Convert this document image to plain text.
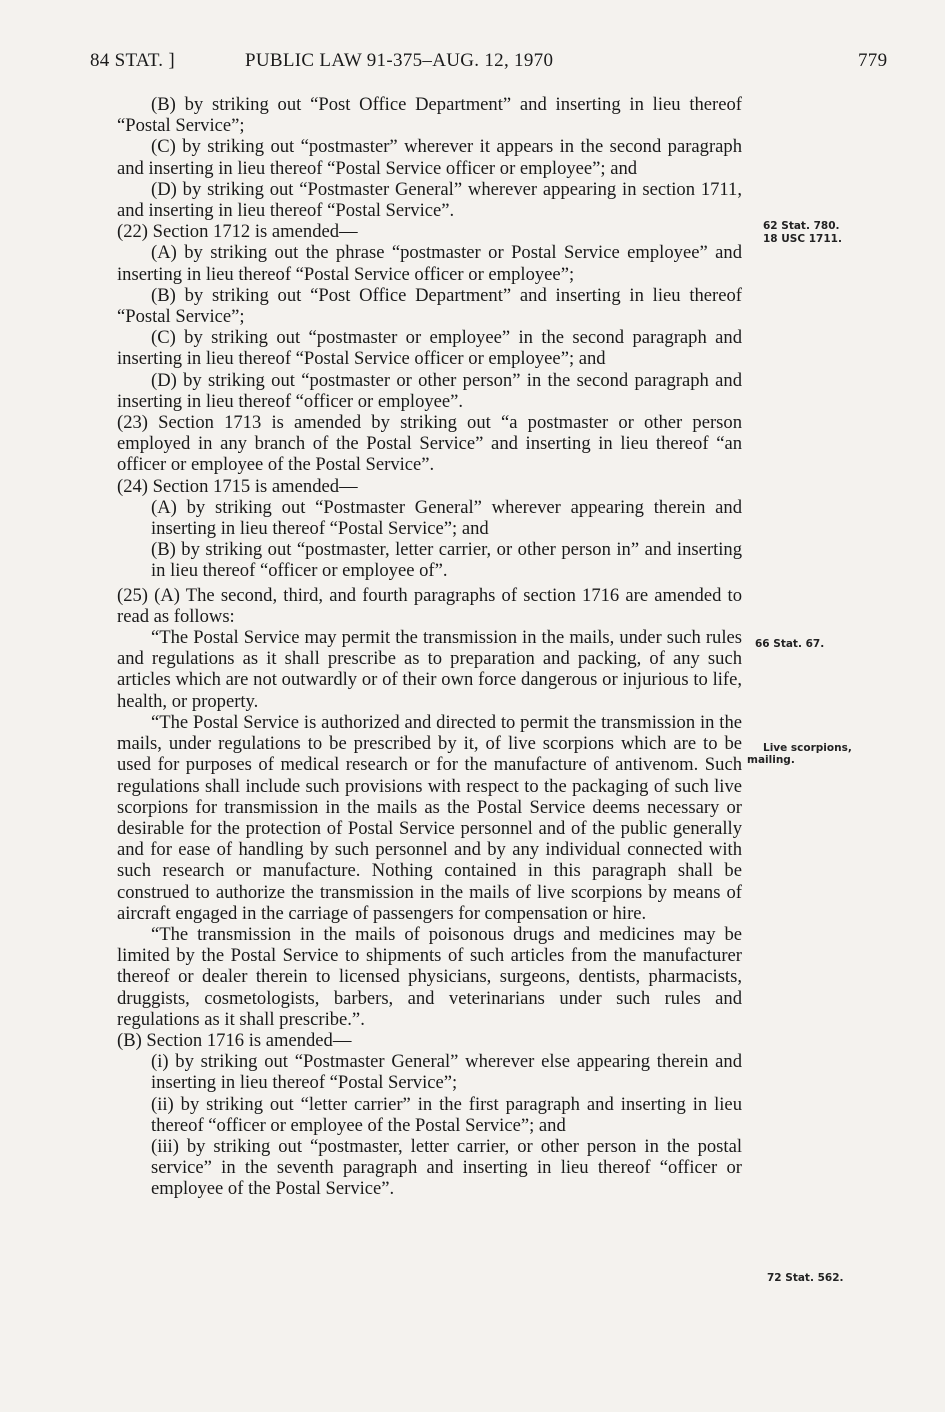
84 STAT. ]	PUBLIC LAW 91-375–AUG. 12, 1970	779

(B) by striking out “Post Office Department” and inserting in lieu thereof “Postal Service”;

(C) by striking out “postmaster” wherever it appears in the second paragraph and inserting in lieu thereof “Postal Service officer or employee”; and

(D) by striking out “Postmaster General” wherever appearing in section 1711, and inserting in lieu thereof “Postal Service”.

(22) Section 1712 is amended—

(A) by striking out the phrase “postmaster or Postal Service employee” and inserting in lieu thereof “Postal Service officer or employee”;

(B) by striking out “Post Office Department” and inserting in lieu thereof “Postal Service”;

(C) by striking out “postmaster or employee” in the second paragraph and inserting in lieu thereof “Postal Service officer or employee”; and

(D) by striking out “postmaster or other person” in the second paragraph and inserting in lieu thereof “officer or employee”.

(23) Section 1713 is amended by striking out “a postmaster or other person employed in any branch of the Postal Service” and inserting in lieu thereof “an officer or employee of the Postal Service”.

(24) Section 1715 is amended—

(A) by striking out “Postmaster General” wherever appearing therein and inserting in lieu thereof “Postal Service”; and

(B) by striking out “postmaster, letter carrier, or other person in” and inserting in lieu thereof “officer or employee of”.

(25) (A) The second, third, and fourth paragraphs of section 1716 are amended to read as follows:

“The Postal Service may permit the transmission in the mails, under such rules and regulations as it shall prescribe as to preparation and packing, of any such articles which are not outwardly or of their own force dangerous or injurious to life, health, or property.

“The Postal Service is authorized and directed to permit the transmission in the mails, under regulations to be prescribed by it, of live scorpions which are to be used for purposes of medical research or for the manufacture of antivenom. Such regulations shall include such provisions with respect to the packaging of such live scorpions for transmission in the mails as the Postal Service deems necessary or desirable for the protection of Postal Service personnel and of the public generally and for ease of handling by such personnel and by any individual connected with such research or manufacture. Nothing contained in this paragraph shall be construed to authorize the transmission in the mails of live scorpions by means of aircraft engaged in the carriage of passengers for compensation or hire.

“The transmission in the mails of poisonous drugs and medicines may be limited by the Postal Service to shipments of such articles from the manufacturer thereof or dealer therein to licensed physicians, surgeons, dentists, pharmacists, druggists, cosmetologists, barbers, and veterinarians under such rules and regulations as it shall prescribe.”.

(B) Section 1716 is amended—

(i) by striking out “Postmaster General” wherever else appearing therein and inserting in lieu thereof “Postal Service”;

(ii) by striking out “letter carrier” in the first paragraph and inserting in lieu thereof “officer or employee of the Postal Service”; and

(iii) by striking out “postmaster, letter carrier, or other person in the postal service” in the seventh paragraph and inserting in lieu thereof “officer or employee of the Postal Service”.

62 Stat. 780.
18 USC 1711.
66 Stat. 67.
Live scorpions,
mailing.
72 Stat. 562.
